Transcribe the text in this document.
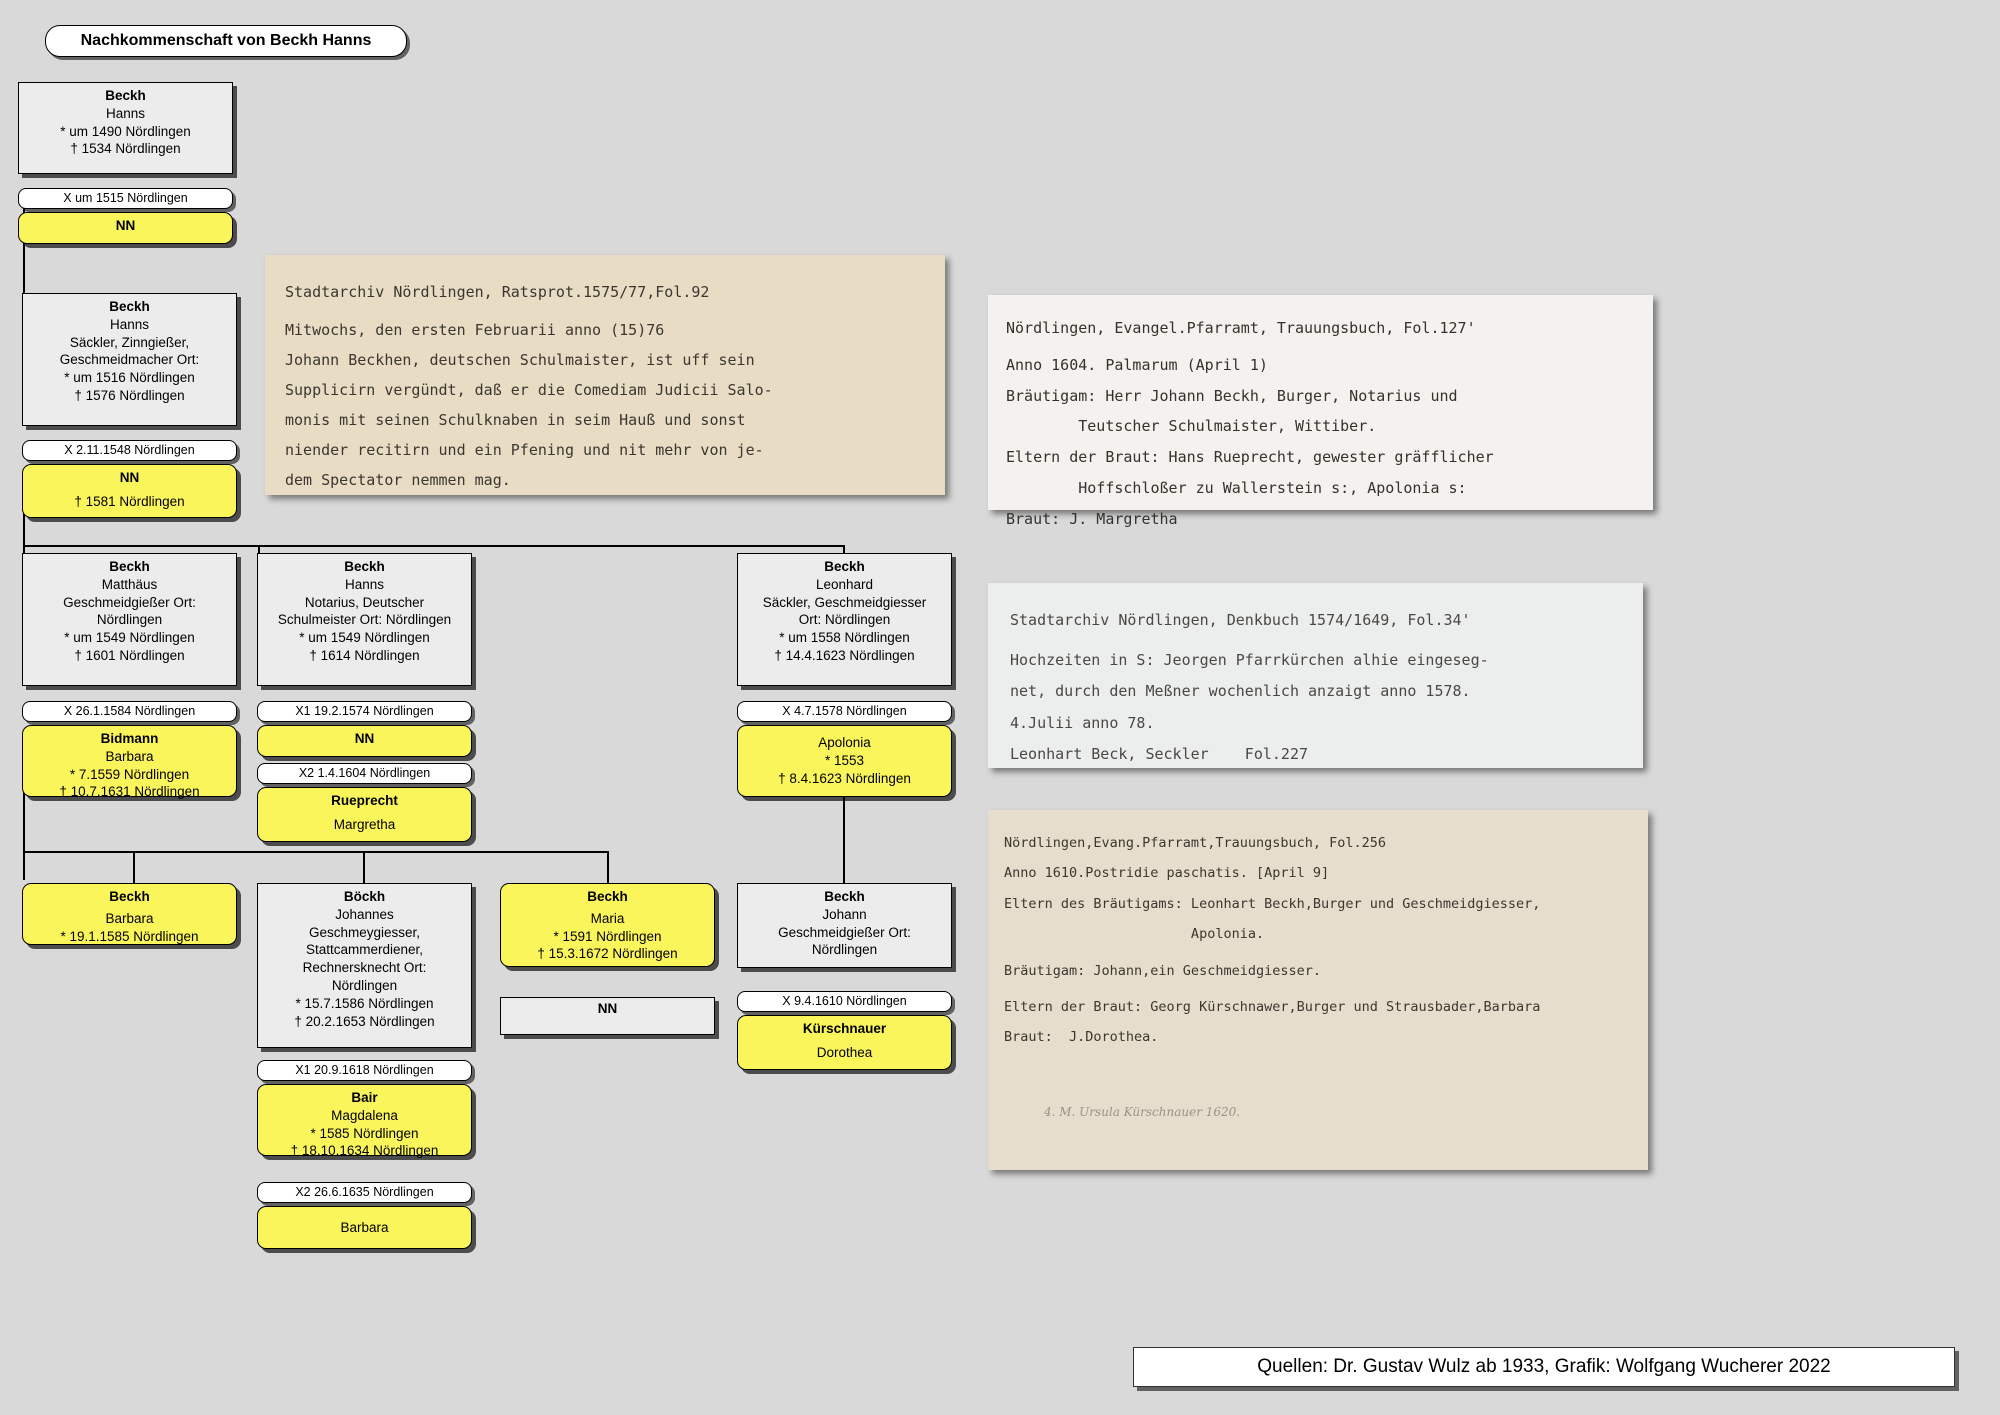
Nachkommenschaft von Beckh Hanns
Beckh
Hanns
* um 1490 Nördlingen
† 1534 Nördlingen
X um 1515 Nördlingen
NN
Beckh
Hanns
Säckler, Zinngießer,
Geschmeidmacher Ort:
* um 1516 Nördlingen
† 1576 Nördlingen
X 2.11.1548 Nördlingen
NN
† 1581 Nördlingen
Beckh
Matthäus
Geschmeidgießer Ort:
Nördlingen
* um 1549 Nördlingen
† 1601 Nördlingen
X 26.1.1584 Nördlingen
Bidmann
Barbara
* 7.1559 Nördlingen
† 10.7.1631 Nördlingen
Beckh
Hanns
Notarius, Deutscher
Schulmeister Ort: Nördlingen
* um 1549 Nördlingen
† 1614 Nördlingen
X1 19.2.1574 Nördlingen
NN
X2 1.4.1604 Nördlingen
Rueprecht
Margretha
Beckh
Leonhard
Säckler, Geschmeidgiesser
Ort: Nördlingen
* um 1558 Nördlingen
† 14.4.1623 Nördlingen
X 4.7.1578 Nördlingen
Apolonia
* 1553
† 8.4.1623 Nördlingen
Beckh
Barbara
* 19.1.1585 Nördlingen
Böckh
Johannes
Geschmeygiesser,
Stattcammerdiener,
Rechnersknecht Ort:
Nördlingen
* 15.7.1586 Nördlingen
† 20.2.1653 Nördlingen
X1 20.9.1618 Nördlingen
Bair
Magdalena
* 1585 Nördlingen
† 18.10.1634 Nördlingen
X2 26.6.1635 Nördlingen
Barbara
Beckh
Maria
* 1591 Nördlingen
† 15.3.1672 Nördlingen
NN
Beckh
Johann
Geschmeidgießer Ort:
Nördlingen
X 9.4.1610 Nördlingen
Kürschnauer
Dorothea
Stadtarchiv Nördlingen, Ratsprot.1575/77,Fol.92
Mitwochs, den ersten Februarii anno (15)76
Johann Beckhen, deutschen Schulmaister, ist uff sein
Supplicirn vergündt, daß er die Comediam Judicii Salo-
monis mit seinen Schulknaben in seim Hauß und sonst
niender recitirn und ein Pfening und nit mehr von je-
dem Spectator nemmen mag.
Nördlingen, Evangel.Pfarramt, Trauungsbuch, Fol.127'
Anno 1604. Palmarum (April 1)
Bräutigam: Herr Johann Beckh, Burger, Notarius und
Teutscher Schulmaister, Wittiber.
Eltern der Braut: Hans Rueprecht, gewester gräfflicher
Hoffschloßer zu Wallerstein s:, Apolonia s:
Braut: J. Margretha
Stadtarchiv Nördlingen, Denkbuch 1574/1649, Fol.34'
Hochzeiten in S: Jeorgen Pfarrkürchen alhie eingeseg-
net, durch den Meßner wochenlich anzaigt anno 1578.
4.Julii anno 78.
Leonhart Beck, Seckler    Fol.227
Nördlingen,Evang.Pfarramt,Trauungsbuch, Fol.256
Anno 1610.Postridie paschatis. [April 9]
Eltern des Bräutigams: Leonhart Beckh,Burger und Geschmeidgiesser,
Apolonia.
Bräutigam: Johann,ein Geschmeidgiesser.
Eltern der Braut: Georg Kürschnawer,Burger und Strausbader,Barbara
Braut:  J.Dorothea.
4. M. Ursula Kürschnauer 1620.
Quellen: Dr. Gustav Wulz ab 1933, Grafik: Wolfgang Wucherer 2022
